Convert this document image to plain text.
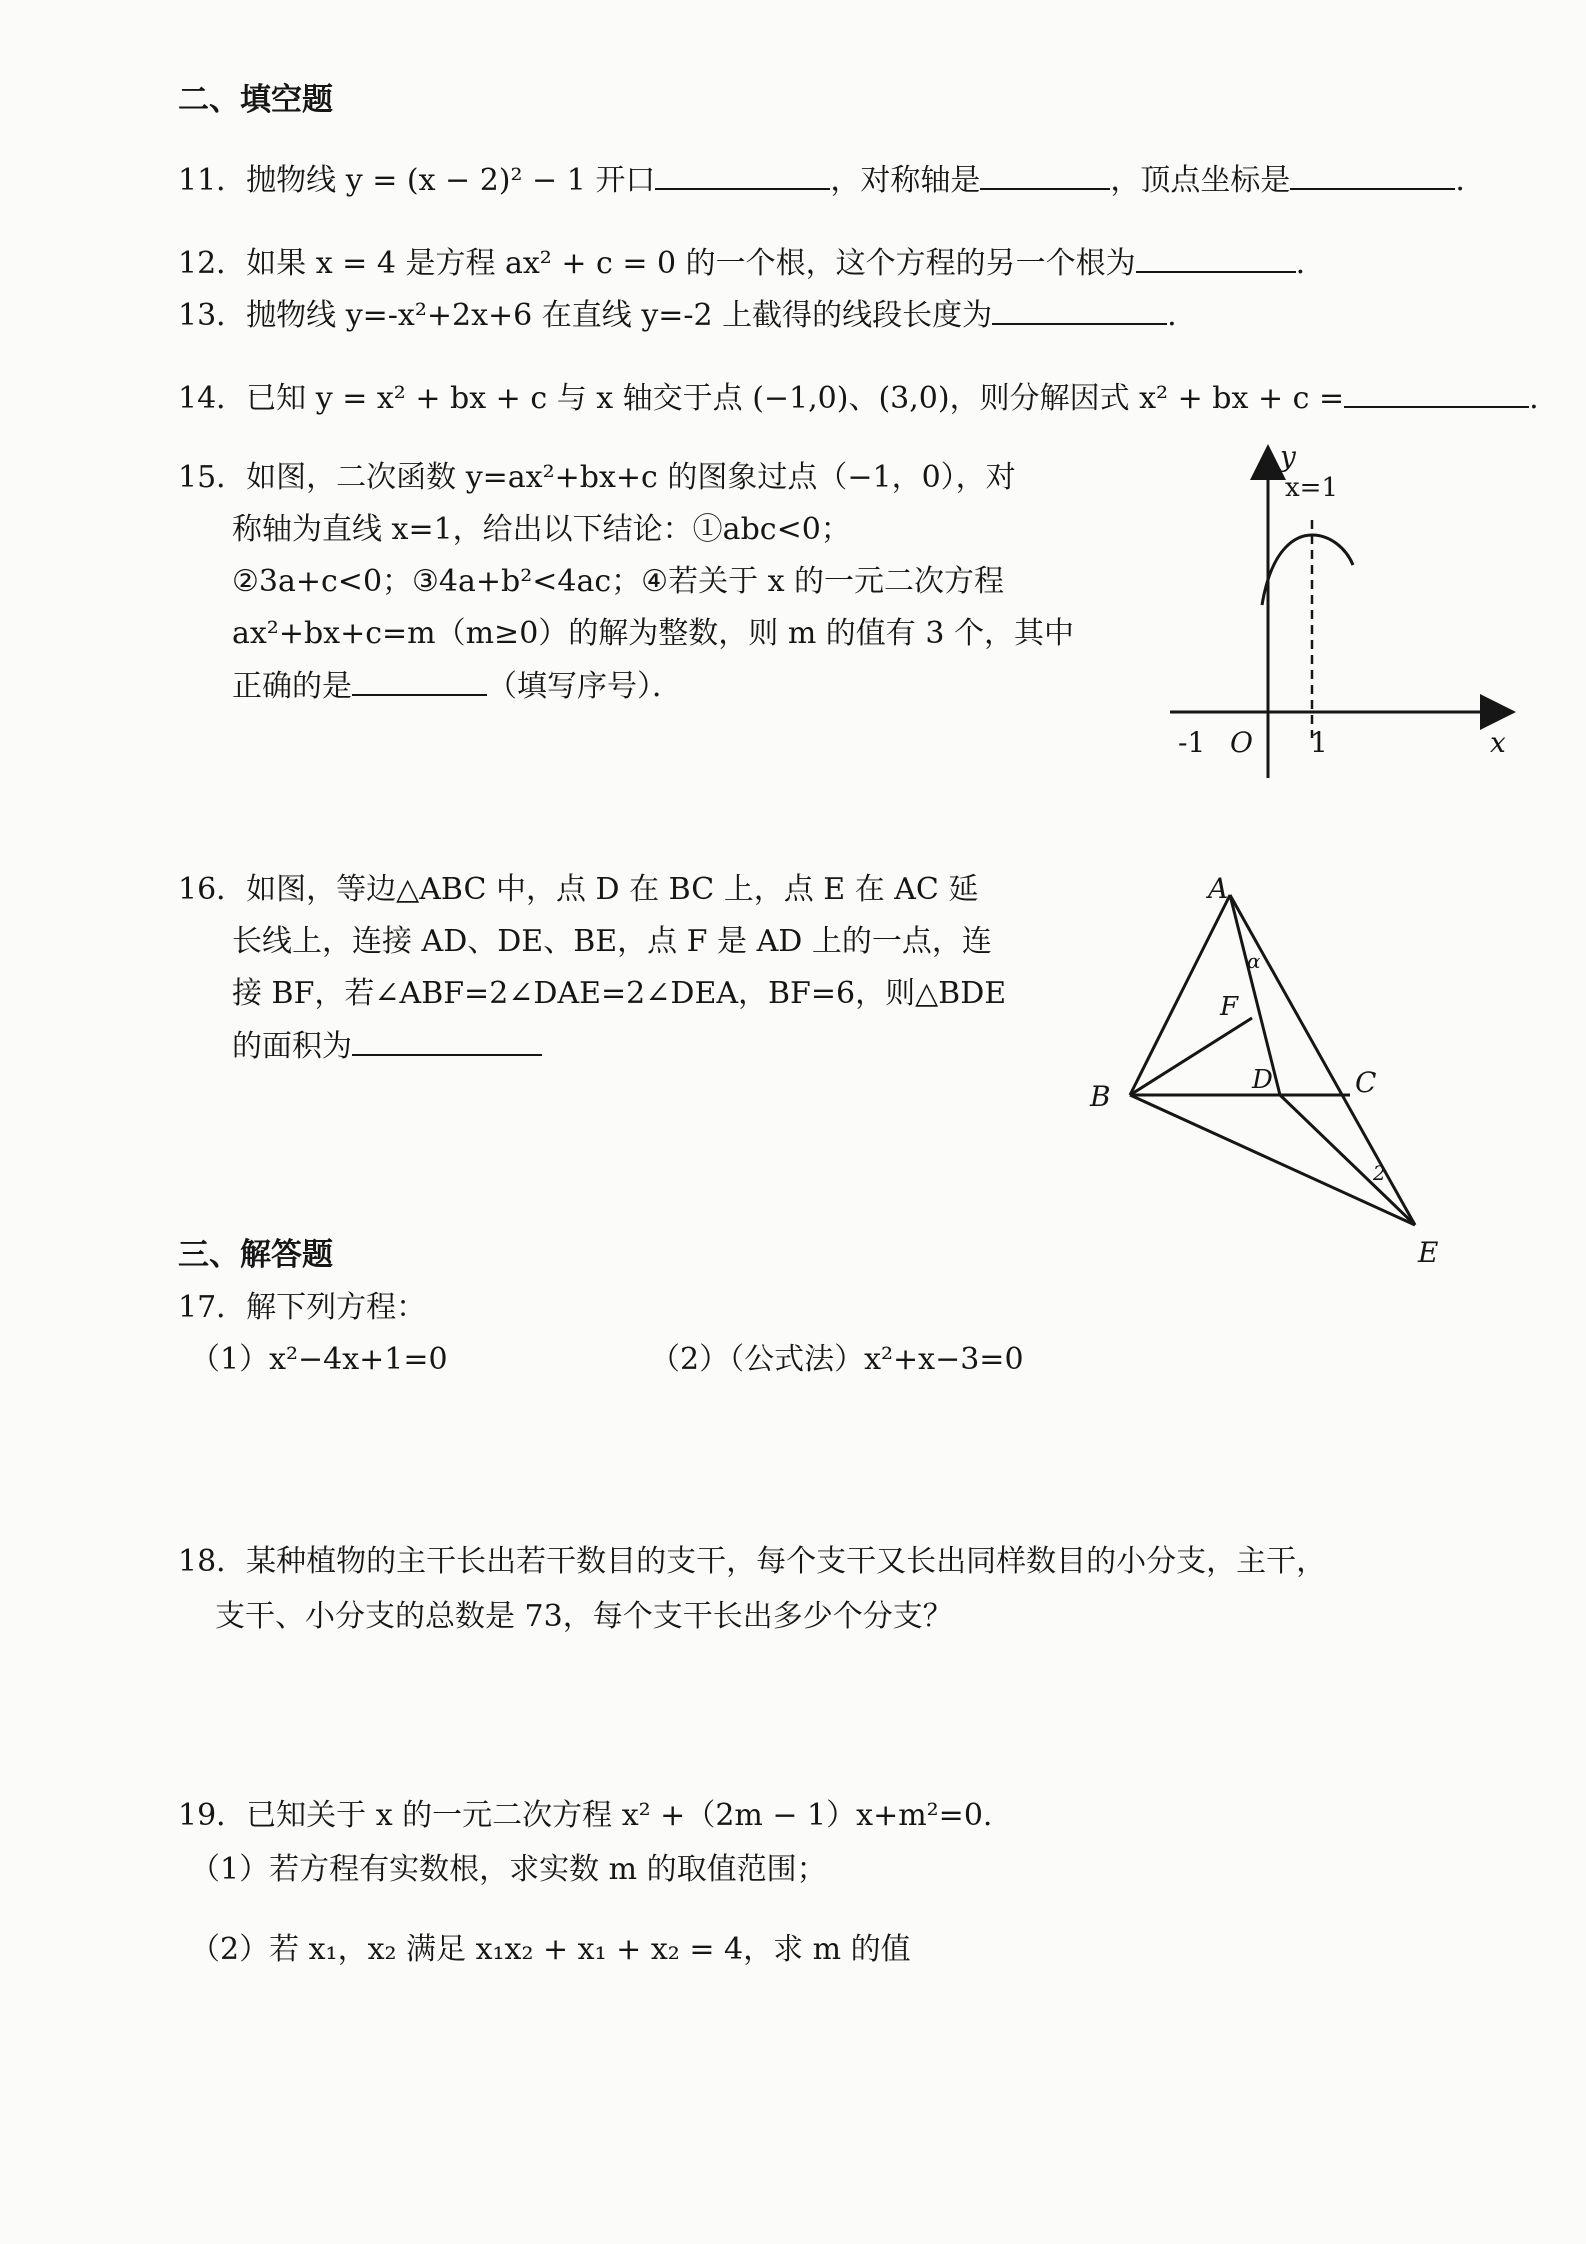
二、填空题
11．抛物线 y = (x − 2)² − 1 开口	，对称轴是	，顶点坐标是	.
12．如果 x = 4 是方程 ax² + c = 0 的一个根，这个方程的另一个根为	.
13．抛物线 y=-x²+2x+6 在直线 y=-2 上截得的线段长度为	.
14．已知 y = x² + bx + c 与 x 轴交于点 (−1,0)、(3,0)，则分解因式 x² + bx + c =	.
15．如图，二次函数 y=ax²+bx+c 的图象过点（−1，0），对
称轴为直线 x=1，给出以下结论：①abc<0；
②3a+c<0；③4a+b²<4ac；④若关于 x 的一元二次方程
ax²+bx+c=m（m≥0）的解为整数，则 m 的值有 3 个，其中
正确的是	（填写序号）．
y
x=1
-1 O 1	x
16．如图，等边△ABC 中，点 D 在 BC 上，点 E 在 AC 延
长线上，连接 AD、DE、BE，点 F 是 AD 上的一点，连
接 BF，若∠ABF=2∠DAE=2∠DEA，BF=6，则△BDE
的面积为
A
B	C
D
E
F
α
2
三、解答题
17．解下列方程：
（1）x²−4x+1=0	（2）（公式法）x²+x−3=0
18．某种植物的主干长出若干数目的支干，每个支干又长出同样数目的小分支，主干，
支干、小分支的总数是 73，每个支干长出多少个分支？
19．已知关于 x 的一元二次方程 x² +（2m − 1）x+m²=0.
（1）若方程有实数根，求实数 m 的取值范围；
（2）若 x₁，x₂ 满足 x₁x₂ + x₁ + x₂ = 4，求 m 的值
